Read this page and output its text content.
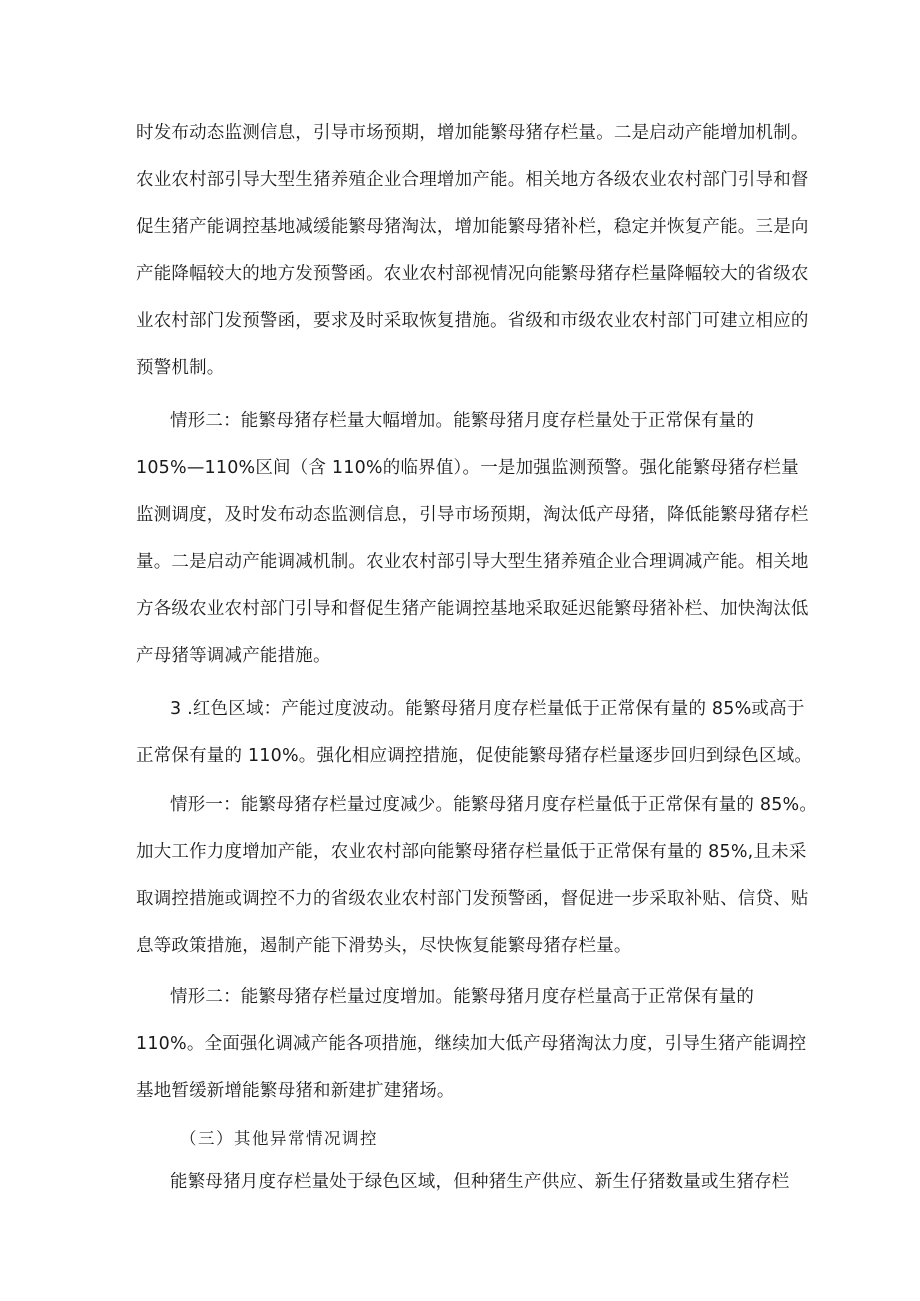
时发布动态监测信息，引导市场预期，增加能繁母猪存栏量。二是启动产能增加机制。
农业农村部引导大型生猪养殖企业合理增加产能。相关地方各级农业农村部门引导和督
促生猪产能调控基地减缓能繁母猪淘汰，增加能繁母猪补栏，稳定并恢复产能。三是向
产能降幅较大的地方发预警函。农业农村部视情况向能繁母猪存栏量降幅较大的省级农
业农村部门发预警函，要求及时采取恢复措施。省级和市级农业农村部门可建立相应的
预警机制。
情形二：能繁母猪存栏量大幅增加。能繁母猪月度存栏量处于正常保有量的
105%—110%区间（含 110%的临界值）。一是加强监测预警。强化能繁母猪存栏量
监测调度，及时发布动态监测信息，引导市场预期，淘汰低产母猪，降低能繁母猪存栏
量。二是启动产能调减机制。农业农村部引导大型生猪养殖企业合理调减产能。相关地
方各级农业农村部门引导和督促生猪产能调控基地采取延迟能繁母猪补栏、加快淘汰低
产母猪等调减产能措施。
3 .红色区域：产能过度波动。能繁母猪月度存栏量低于正常保有量的 85%或高于
正常保有量的 110%。强化相应调控措施，促使能繁母猪存栏量逐步回归到绿色区域。
情形一：能繁母猪存栏量过度减少。能繁母猪月度存栏量低于正常保有量的 85%。
加大工作力度增加产能，农业农村部向能繁母猪存栏量低于正常保有量的 85%,且未采
取调控措施或调控不力的省级农业农村部门发预警函，督促进一步采取补贴、信贷、贴
息等政策措施，遏制产能下滑势头，尽快恢复能繁母猪存栏量。
情形二：能繁母猪存栏量过度增加。能繁母猪月度存栏量高于正常保有量的
110%。全面强化调减产能各项措施，继续加大低产母猪淘汰力度，引导生猪产能调控
基地暂缓新增能繁母猪和新建扩建猪场。
（三）其他异常情况调控
能繁母猪月度存栏量处于绿色区域，但种猪生产供应、新生仔猪数量或生猪存栏
